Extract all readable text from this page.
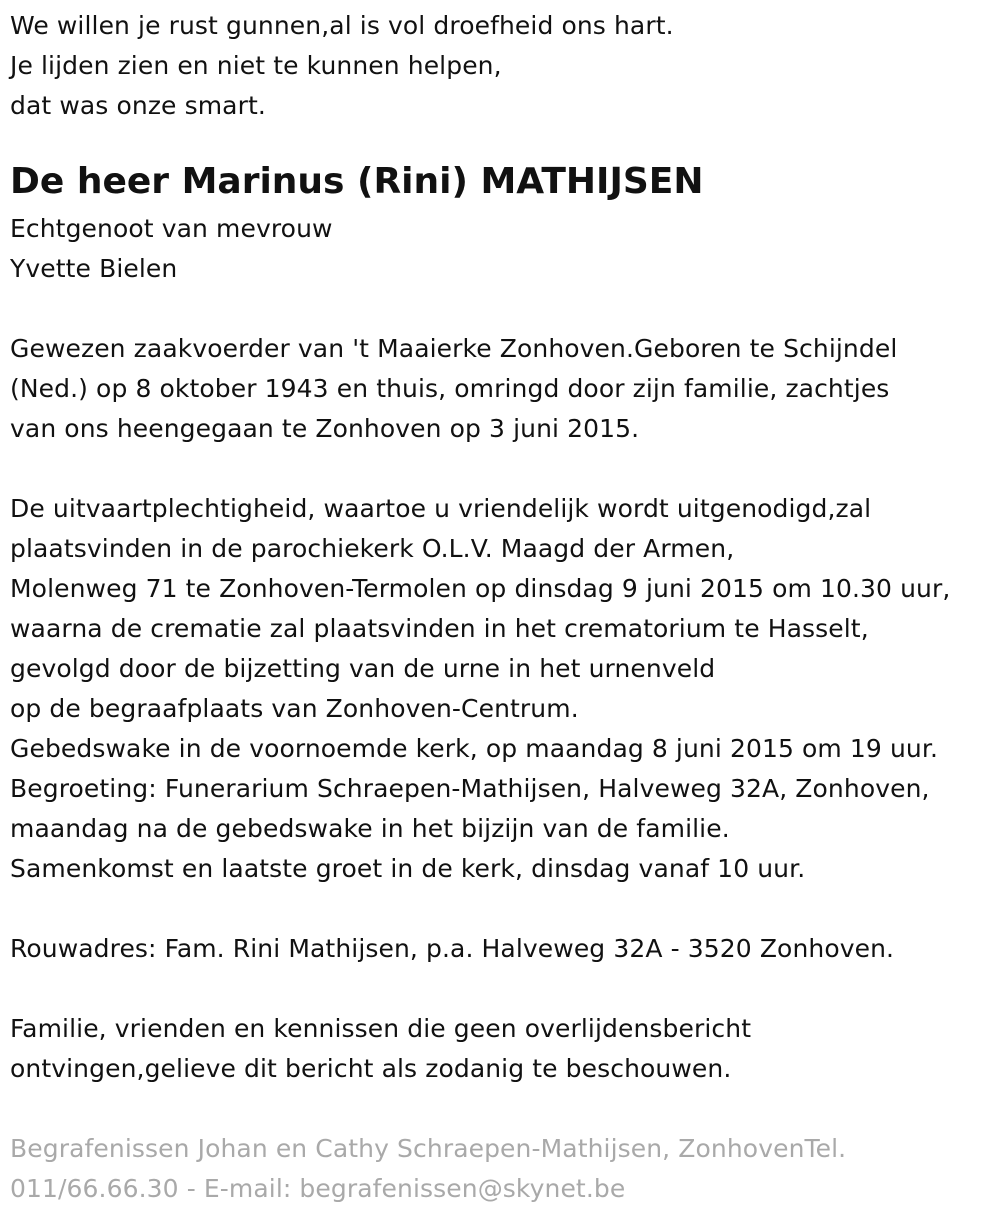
We willen je rust gunnen,al is vol droefheid ons hart.
Je lijden zien en niet te kunnen helpen,
dat was onze smart.
De heer Marinus (Rini) MATHIJSEN
Echtgenoot van mevrouw
Yvette Bielen
Gewezen zaakvoerder van 't Maaierke Zonhoven.Geboren te Schijndel
(Ned.) op 8 oktober 1943 en thuis, omringd door zijn familie, zachtjes
van ons heengegaan te Zonhoven op 3 juni 2015.
De uitvaartplechtigheid, waartoe u vriendelijk wordt uitgenodigd,zal
plaatsvinden in de parochiekerk O.L.V. Maagd der Armen,
Molenweg 71 te Zonhoven-Termolen op dinsdag 9 juni 2015 om 10.30 uur,
waarna de crematie zal plaatsvinden in het crematorium te Hasselt,
gevolgd door de bijzetting van de urne in het urnenveld
op de begraafplaats van Zonhoven-Centrum.
Gebedswake in de voornoemde kerk, op maandag 8 juni 2015 om 19 uur.
Begroeting: Funerarium Schraepen-Mathijsen, Halveweg 32A, Zonhoven,
maandag na de gebedswake in het bijzijn van de familie.
Samenkomst en laatste groet in de kerk, dinsdag vanaf 10 uur.
Rouwadres: Fam. Rini Mathijsen, p.a. Halveweg 32A - 3520 Zonhoven.
Familie, vrienden en kennissen die geen overlijdensbericht
ontvingen,gelieve dit bericht als zodanig te beschouwen.
Begrafenissen Johan en Cathy Schraepen-Mathijsen, ZonhovenTel.
011/66.66.30 - E-mail: begrafenissen@skynet.be
